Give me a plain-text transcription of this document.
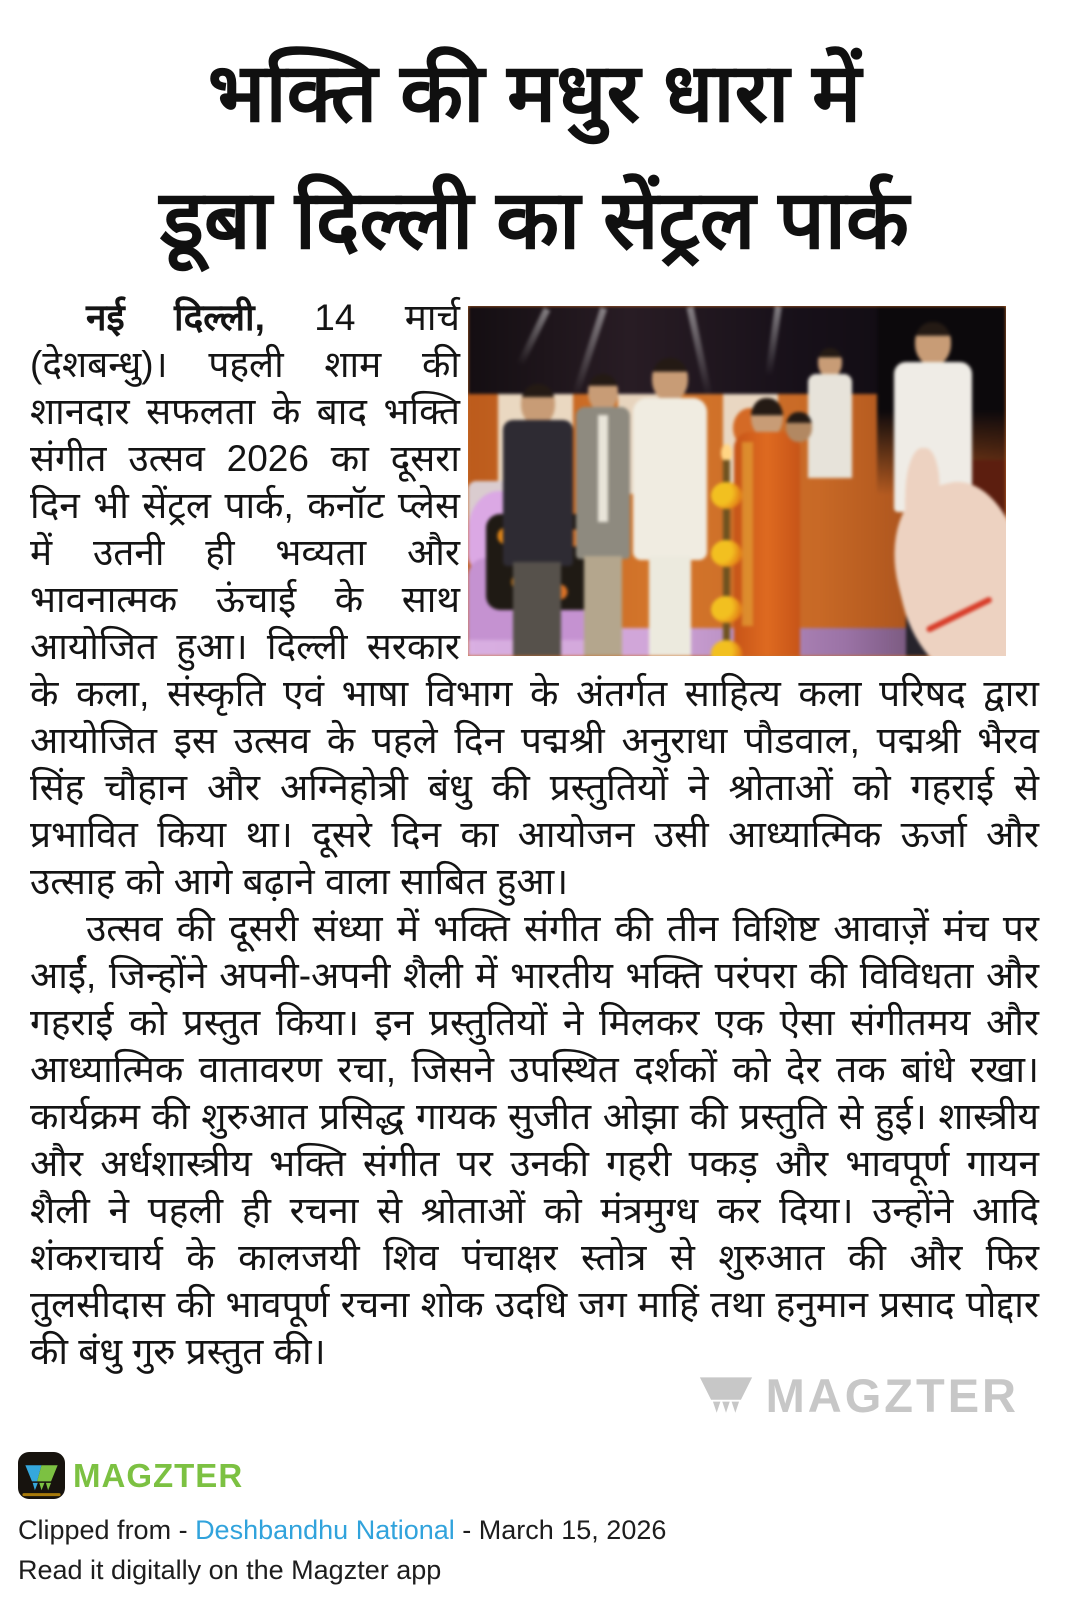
भक्ति की मधुर धारा में
डूबा दिल्ली का सेंट्रल पार्क

नई दिल्ली, 14 मार्च (देशबन्धु)। पहली शाम की शानदार सफलता के बाद भक्ति संगीत उत्सव 2026 का दूसरा दिन भी सेंट्रल पार्क, कनॉट प्लेस में उतनी ही भव्यता और भावनात्मक ऊंचाई के साथ आयोजित हुआ। दिल्ली सरकार के कला, संस्कृति एवं भाषा विभाग के अंतर्गत साहित्य कला परिषद द्वारा आयोजित इस उत्सव के पहले दिन पद्मश्री अनुराधा पौडवाल, पद्मश्री भैरव सिंह चौहान और अग्निहोत्री बंधु की प्रस्तुतियों ने श्रोताओं को गहराई से प्रभावित किया था। दूसरे दिन का आयोजन उसी आध्यात्मिक ऊर्जा और उत्साह को आगे बढ़ाने वाला साबित हुआ।

उत्सव की दूसरी संध्या में भक्ति संगीत की तीन विशिष्ट आवाज़ें मंच पर आईं, जिन्होंने अपनी-अपनी शैली में भारतीय भक्ति परंपरा की विविधता और गहराई को प्रस्तुत किया। इन प्रस्तुतियों ने मिलकर एक ऐसा संगीतमय और आध्यात्मिक वातावरण रचा, जिसने उपस्थित दर्शकों को देर तक बांधे रखा। कार्यक्रम की शुरुआत प्रसिद्ध गायक सुजीत ओझा की प्रस्तुति से हुई। शास्त्रीय और अर्धशास्त्रीय भक्ति संगीत पर उनकी गहरी पकड़ और भावपूर्ण गायन शैली ने पहली ही रचना से श्रोताओं को मंत्रमुग्ध कर दिया। उन्होंने आदि शंकराचार्य के कालजयी शिव पंचाक्षर स्तोत्र से शुरुआत की और फिर तुलसीदास की भावपूर्ण रचना शोक उदधि जग माहिं तथा हनुमान प्रसाद पोद्दार की बंधु गुरु प्रस्तुत की।

MAGZTER
MAGZTER
Clipped from - Deshbandhu National - March 15, 2026
Read it digitally on the Magzter app
